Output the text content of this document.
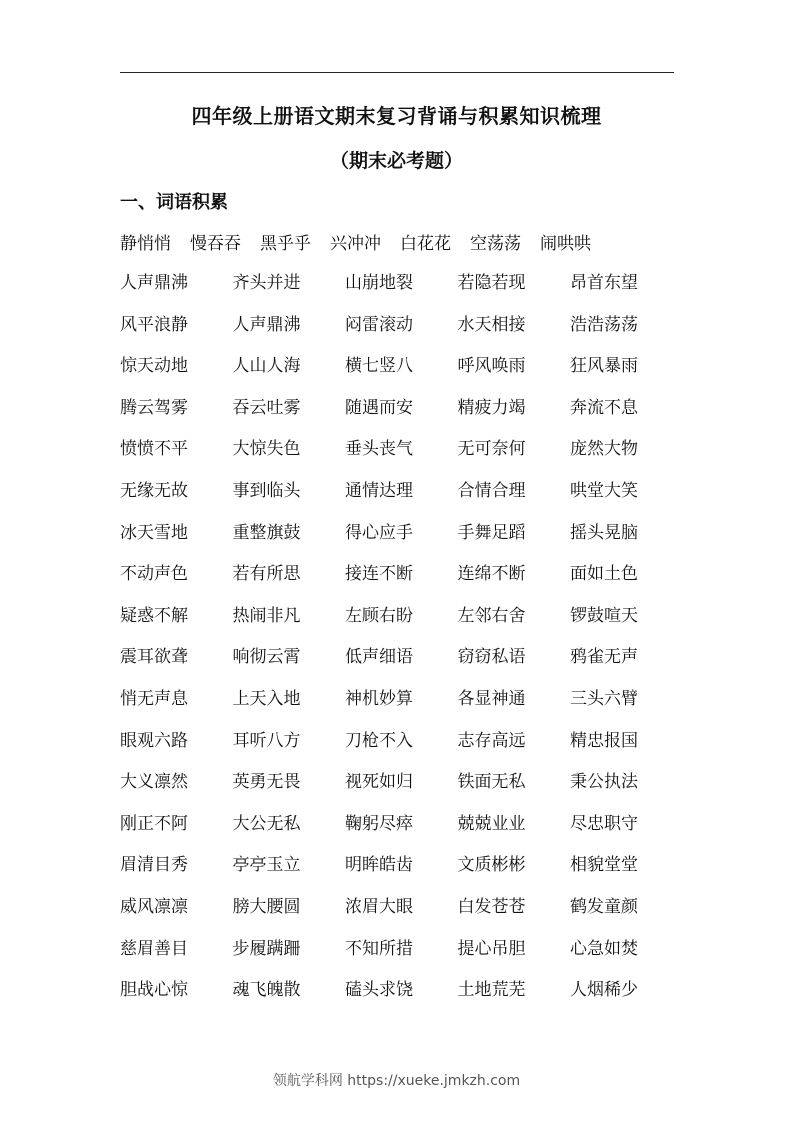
四年级上册语文期末复习背诵与积累知识梳理
（期末必考题）
一、词语积累
静悄悄 慢吞吞 黑乎乎 兴冲冲 白花花 空荡荡 闹哄哄
人声鼎沸	齐头并进	山崩地裂	若隐若现	昂首东望
风平浪静	人声鼎沸	闷雷滚动	水天相接	浩浩荡荡
惊天动地	人山人海	横七竖八	呼风唤雨	狂风暴雨
腾云驾雾	吞云吐雾	随遇而安	精疲力竭	奔流不息
愤愤不平	大惊失色	垂头丧气	无可奈何	庞然大物
无缘无故	事到临头	通情达理	合情合理	哄堂大笑
冰天雪地	重整旗鼓	得心应手	手舞足蹈	摇头晃脑
不动声色	若有所思	接连不断	连绵不断	面如土色
疑惑不解	热闹非凡	左顾右盼	左邻右舍	锣鼓喧天
震耳欲聋	响彻云霄	低声细语	窃窃私语	鸦雀无声
悄无声息	上天入地	神机妙算	各显神通	三头六臂
眼观六路	耳听八方	刀枪不入	志存高远	精忠报国
大义凛然	英勇无畏	视死如归	铁面无私	秉公执法
刚正不阿	大公无私	鞠躬尽瘁	兢兢业业	尽忠职守
眉清目秀	亭亭玉立	明眸皓齿	文质彬彬	相貌堂堂
威风凛凛	膀大腰圆	浓眉大眼	白发苍苍	鹤发童颜
慈眉善目	步履蹒跚	不知所措	提心吊胆	心急如焚
胆战心惊	魂飞魄散	磕头求饶	土地荒芜	人烟稀少
领航学科网 https://xueke.jmkzh.com
